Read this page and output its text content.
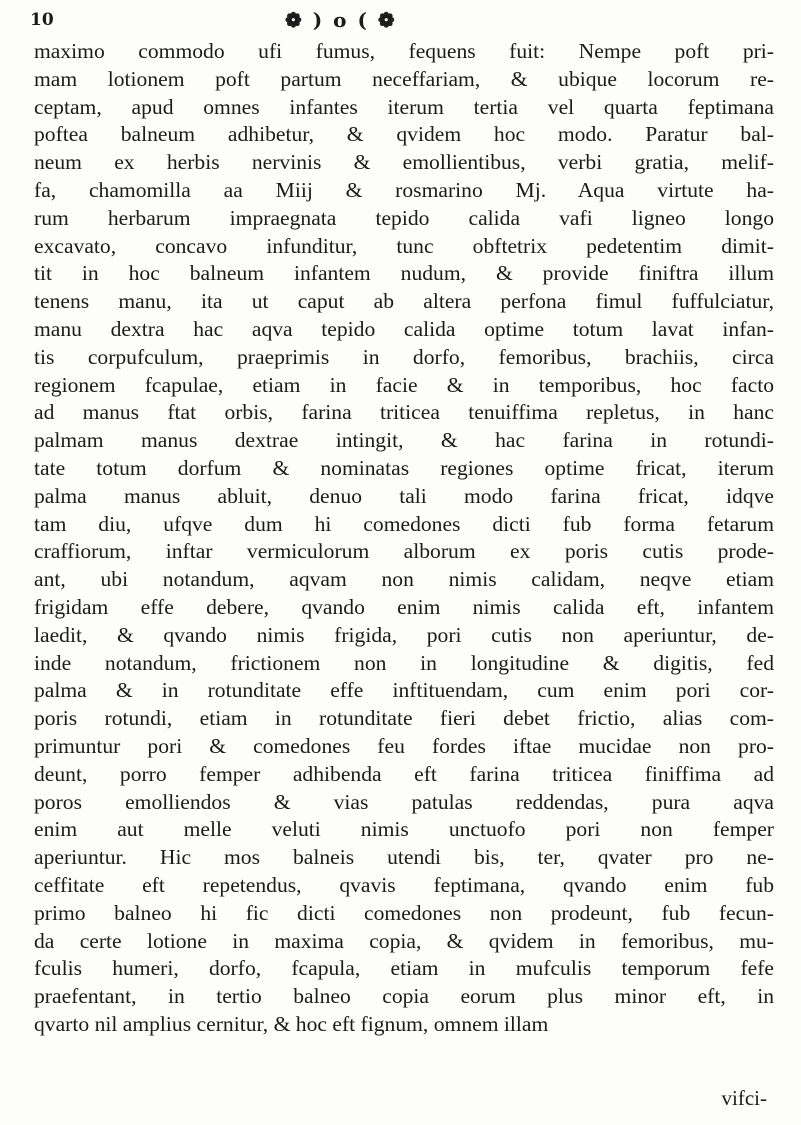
10	❁ ) o ( ❁
maximo commodo ufi fumus, fequens fuit: Nempe poft pri-
mam lotionem poft partum neceffariam, & ubique locorum re-
ceptam, apud omnes infantes iterum tertia vel quarta feptimana
poftea balneum adhibetur, & qvidem hoc modo. Paratur bal-
neum ex herbis nervinis & emollientibus, verbi gratia, melif-
fa, chamomilla aa Miij & rosmarino Mj. Aqua virtute ha-
rum herbarum impraegnata tepido calida vafi ligneo longo
excavato, concavo infunditur, tunc obftetrix pedetentim dimit-
tit in hoc balneum infantem nudum, & provide finiftra illum
tenens manu, ita ut caput ab altera perfona fimul fuffulciatur,
manu dextra hac aqva tepido calida optime totum lavat infan-
tis corpufculum, praeprimis in dorfo, femoribus, brachiis, circa
regionem fcapulae, etiam in facie & in temporibus, hoc facto
ad manus ftat orbis, farina triticea tenuiffima repletus, in hanc
palmam manus dextrae intingit, & hac farina in rotundi-
tate totum dorfum & nominatas regiones optime fricat, iterum
palma manus abluit, denuo tali modo farina fricat, idqve
tam diu, ufqve dum hi comedones dicti fub forma fetarum
craffiorum, inftar vermiculorum alborum ex poris cutis prode-
ant, ubi notandum, aqvam non nimis calidam, neqve etiam
frigidam effe debere, qvando enim nimis calida eft, infantem
laedit, & qvando nimis frigida, pori cutis non aperiuntur, de-
inde notandum, frictionem non in longitudine & digitis, fed
palma & in rotunditate effe inftituendam, cum enim pori cor-
poris rotundi, etiam in rotunditate fieri debet frictio, alias com-
primuntur pori & comedones feu fordes iftae mucidae non pro-
deunt, porro femper adhibenda eft farina triticea finiffima ad
poros emolliendos & vias patulas reddendas, pura aqva
enim aut melle veluti nimis unctuofo pori non femper
aperiuntur. Hic mos balneis utendi bis, ter, qvater pro ne-
ceffitate eft repetendus, qvavis feptimana, qvando enim fub
primo balneo hi fic dicti comedones non prodeunt, fub fecun-
da certe lotione in maxima copia, & qvidem in femoribus, mu-
fculis humeri, dorfo, fcapula, etiam in mufculis temporum fefe
praefentant, in tertio balneo copia eorum plus minor eft, in
qvarto nil amplius cernitur, & hoc eft fignum, omnem illam
vifci-
